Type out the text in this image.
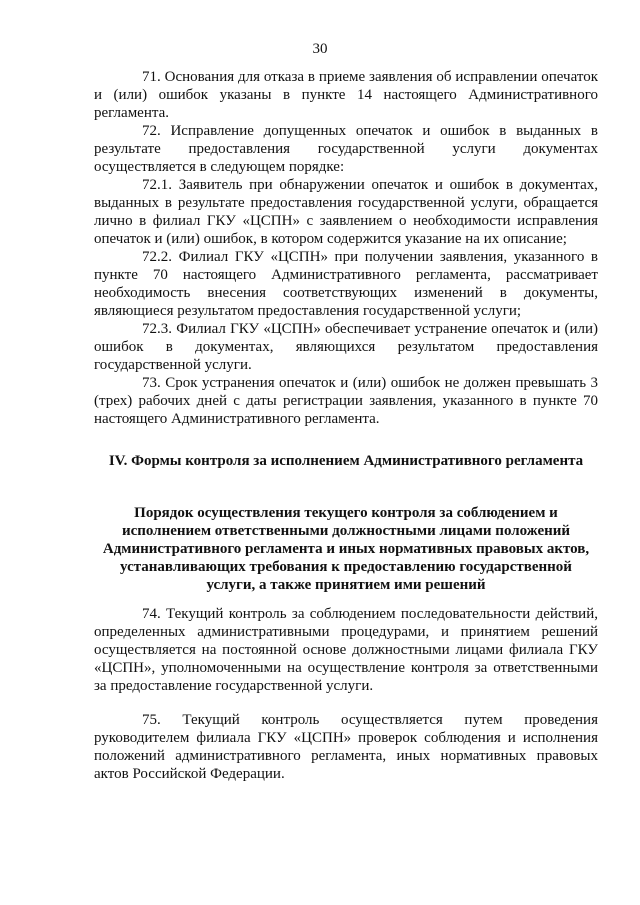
30

71. Основания для отказа в приеме заявления об исправлении опечаток и (или) ошибок указаны в пункте 14 настоящего Административного регламента.

72. Исправление допущенных опечаток и ошибок в выданных в результате предоставления государственной услуги документах осуществляется в следующем порядке:

72.1. Заявитель при обнаружении опечаток и ошибок в документах, выданных в результате предоставления государственной услуги, обращается лично в филиал ГКУ «ЦСПН» с заявлением о необходимости исправления опечаток и (или) ошибок, в котором содержится указание на их описание;

72.2. Филиал ГКУ «ЦСПН» при получении заявления, указанного в пункте 70 настоящего Административного регламента, рассматривает необходимость внесения соответствующих изменений в документы, являющиеся результатом предоставления государственной услуги;

72.3. Филиал ГКУ «ЦСПН» обеспечивает устранение опечаток и (или) ошибок в документах, являющихся результатом предоставления государственной услуги.

73. Срок устранения опечаток и (или) ошибок не должен превышать 3 (трех) рабочих дней с даты регистрации заявления, указанного в пункте 70 настоящего Административного регламента.

IV. Формы контроля за исполнением Административного регламента

Порядок осуществления текущего контроля за соблюдением и исполнением ответственными должностными лицами положений Административного регламента и иных нормативных правовых актов, устанавливающих требования к предоставлению государственной услуги, а также принятием ими решений

74. Текущий контроль за соблюдением последовательности действий, определенных административными процедурами, и принятием решений осуществляется на постоянной основе должностными лицами филиала ГКУ «ЦСПН», уполномоченными на осуществление контроля за ответственными за предоставление государственной услуги.

75. Текущий контроль осуществляется путем проведения руководителем филиала ГКУ «ЦСПН» проверок соблюдения и исполнения положений административного регламента, иных нормативных правовых актов Российской Федерации.
